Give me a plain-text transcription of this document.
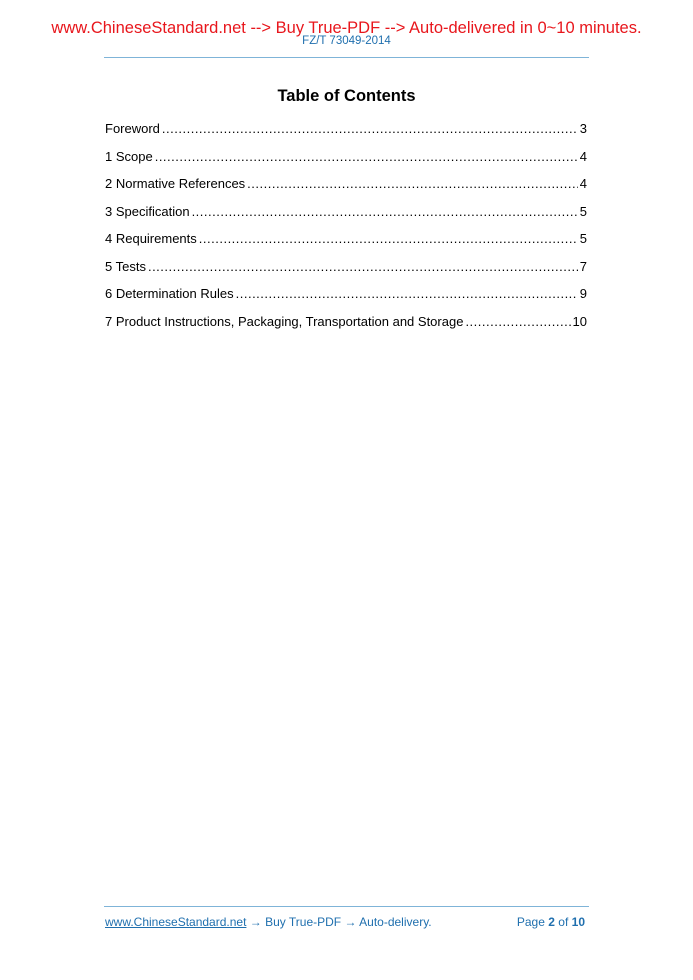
www.ChineseStandard.net --> Buy True-PDF --> Auto-delivered in 0~10 minutes.
FZ/T 73049-2014
Table of Contents
Foreword .....	3
1 Scope .....	4
2 Normative References .....	4
3 Specification .....	5
4 Requirements .....	5
5 Tests .....	7
6 Determination Rules .....	9
7 Product Instructions, Packaging, Transportation and Storage .....	10
www.ChineseStandard.net → Buy True-PDF → Auto-delivery.	Page 2 of 10
